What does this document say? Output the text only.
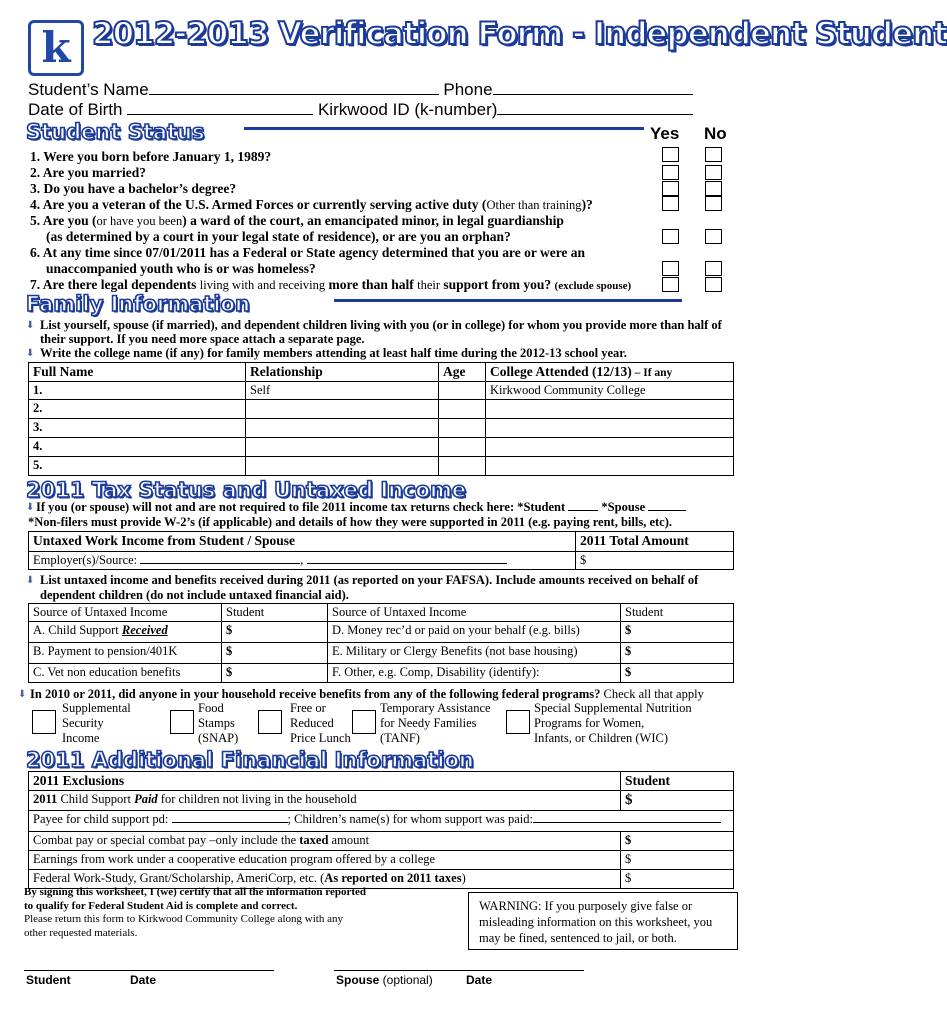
k 2012-2013 Verification Form - Independent Student
Student’s Name	Phone
Date of Birth	Kirkwood ID (k-number)
Student Status	Yes No
1. Were you born before January 1, 1989?
2. Are you married?
3. Do you have a bachelor’s degree?
4. Are you a veteran of the U.S. Armed Forces or currently serving active duty (Other than training)?
5. Are you (or have you been) a ward of the court, an emancipated minor, in legal guardianship
(as determined by a court in your legal state of residence), or are you an orphan?
6. At any time since 07/01/2011 has a Federal or State agency determined that you are or were an
unaccompanied youth who is or was homeless?
7. Are there legal dependents living with and receiving more than half their support from you? (exclude spouse)
Family Information
⬇ List yourself, spouse (if married), and dependent children living with you (or in college) for whom you provide more than half of
their support. If you need more space attach a separate page.
⬇ Write the college name (if any) for family members attending at least half time during the 2012-13 school year.
Full Name	Relationship	Age	College Attended (12/13) – If any
1.	Self		Kirkwood Community College
2.			
3.			
4.			
5.			
2011 Tax Status and Untaxed Income
⬇ If you (or spouse) will not and are not required to file 2011 income tax returns check here: *Student	*Spouse
*Non-filers must provide W-2’s (if applicable) and details of how they were supported in 2011 (e.g. paying rent, bills, etc).
Untaxed Work Income from Student / Spouse	2011 Total Amount
Employer(s)/Source: ,	$
⬇ List untaxed income and benefits received during 2011 (as reported on your FAFSA). Include amounts received on behalf of
dependent children (do not include untaxed financial aid).
Source of Untaxed Income	Student	Source of Untaxed Income	Student
A. Child Support Received	$	D. Money rec’d or paid on your behalf (e.g. bills)	$
B. Payment to pension/401K	$	E. Military or Clergy Benefits (not base housing)	$
C. Vet non education benefits	$	F. Other, e.g. Comp, Disability (identify):	$
⬇ In 2010 or 2011, did anyone in your household receive benefits from any of the following federal programs? Check all that apply
Supplemental
Security
Income
Food
Stamps
(SNAP)
Free or
Reduced
Price Lunch
Temporary Assistance
for Needy Families
(TANF)
Special Supplemental Nutrition
Programs for Women,
Infants, or Children (WIC)
2011 Additional Financial Information
2011 Exclusions	Student
2011 Child Support Paid for children not living in the household	$
Payee for child support pd: ; Children’s name(s) for whom support was paid:	
Combat pay or special combat pay –only include the taxed amount	$
Earnings from work under a cooperative education program offered by a college	$
Federal Work-Study, Grant/Scholarship, AmeriCorp, etc. (As reported on 2011 taxes)	$
By signing this worksheet, I (we) certify that all the information reported
to qualify for Federal Student Aid is complete and correct.
Please return this form to Kirkwood Community College along with any
other requested materials.
WARNING: If you purposely give false or
misleading information on this worksheet, you
may be fined, sentenced to jail, or both.
Student	Date	Spouse (optional)	Date
